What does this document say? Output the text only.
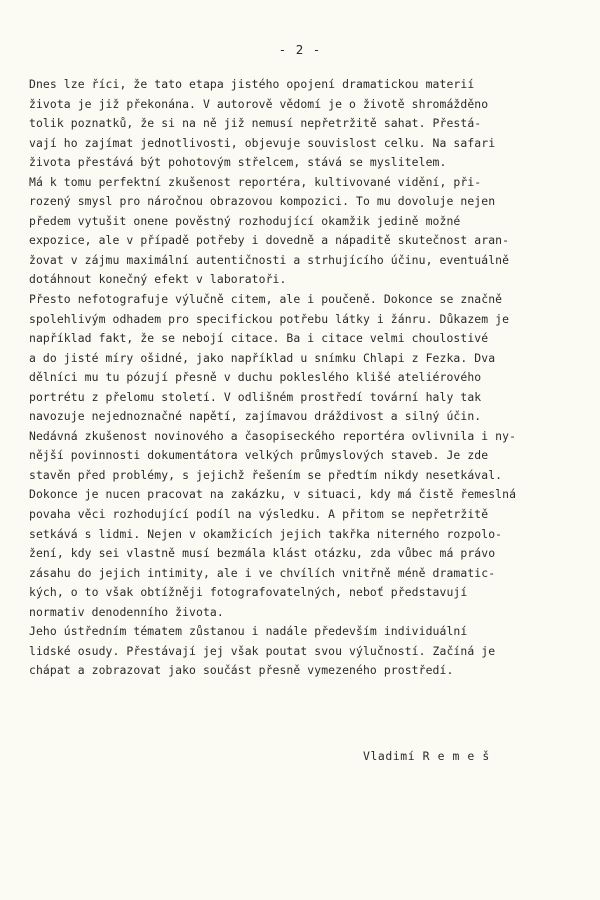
- 2 -
Dnes lze říci, že tato etapa jistého opojení dramatickou materií
života je již překonána. V autorově vědomí je o životě shromážděno
tolik poznatků, že si na ně již nemusí nepřetržitě sahat. Přestá-
vají ho zajímat jednotlivosti, objevuje souvislost celku. Na safari
života přestává být pohotovým střelcem, stává se myslitelem.
Má k tomu perfektní zkušenost reportéra, kultivované vidění, při-
rozený smysl pro náročnou obrazovou kompozici. To mu dovoluje nejen
předem vytušit onene pověstný rozhodující okamžik jedině možné
expozice, ale v případě potřeby i dovedně a nápaditě skutečnost aran-
žovat v zájmu maximální autentičnosti a strhujícího účinu, eventuálně
dotáhnout konečný efekt v laboratoři.
Přesto nefotografuje výlučně citem, ale i poučeně. Dokonce se značně
spolehlivým odhadem pro specifickou potřebu látky i žánru. Důkazem je
například fakt, že se nebojí citace. Ba i citace velmi choulostivé
a do jisté míry ošidné, jako například u snímku Chlapi z Fezka. Dva
dělníci mu tu pózují přesně v duchu pokleslého klišé ateliérového
portrétu z přelomu století. V odlišném prostředí tovární haly tak
navozuje nejednoznačné napětí, zajímavou dráždivost a silný účin.
Nedávná zkušenost novinového a časopiseckého reportéra ovlivnila i ny-
nější povinnosti dokumentátora velkých průmyslových staveb. Je zde
stavěn před problémy, s jejichž řešením se předtím nikdy nesetkával.
Dokonce je nucen pracovat na zakázku, v situaci, kdy má čistě řemeslná
povaha věci rozhodující podíl na výsledku. A přitom se nepřetržitě
setkává s lidmi. Nejen v okamžicích jejich takřka niterného rozpolo-
žení, kdy sei vlastně musí bezmála klást otázku, zda vůbec má právo
zásahu do jejich intimity, ale i ve chvílích vnitřně méně dramatic-
kých, o to však obtížněji fotografovatelných, neboť představují
normativ denodenního života.
Jeho ústředním tématem zůstanou i nadále především individuální
lidské osudy. Přestávají jej však poutat svou výlučností. Začíná je
chápat a zobrazovat jako součást přesně vymezeného prostředí.
Vladimí R e m e š
